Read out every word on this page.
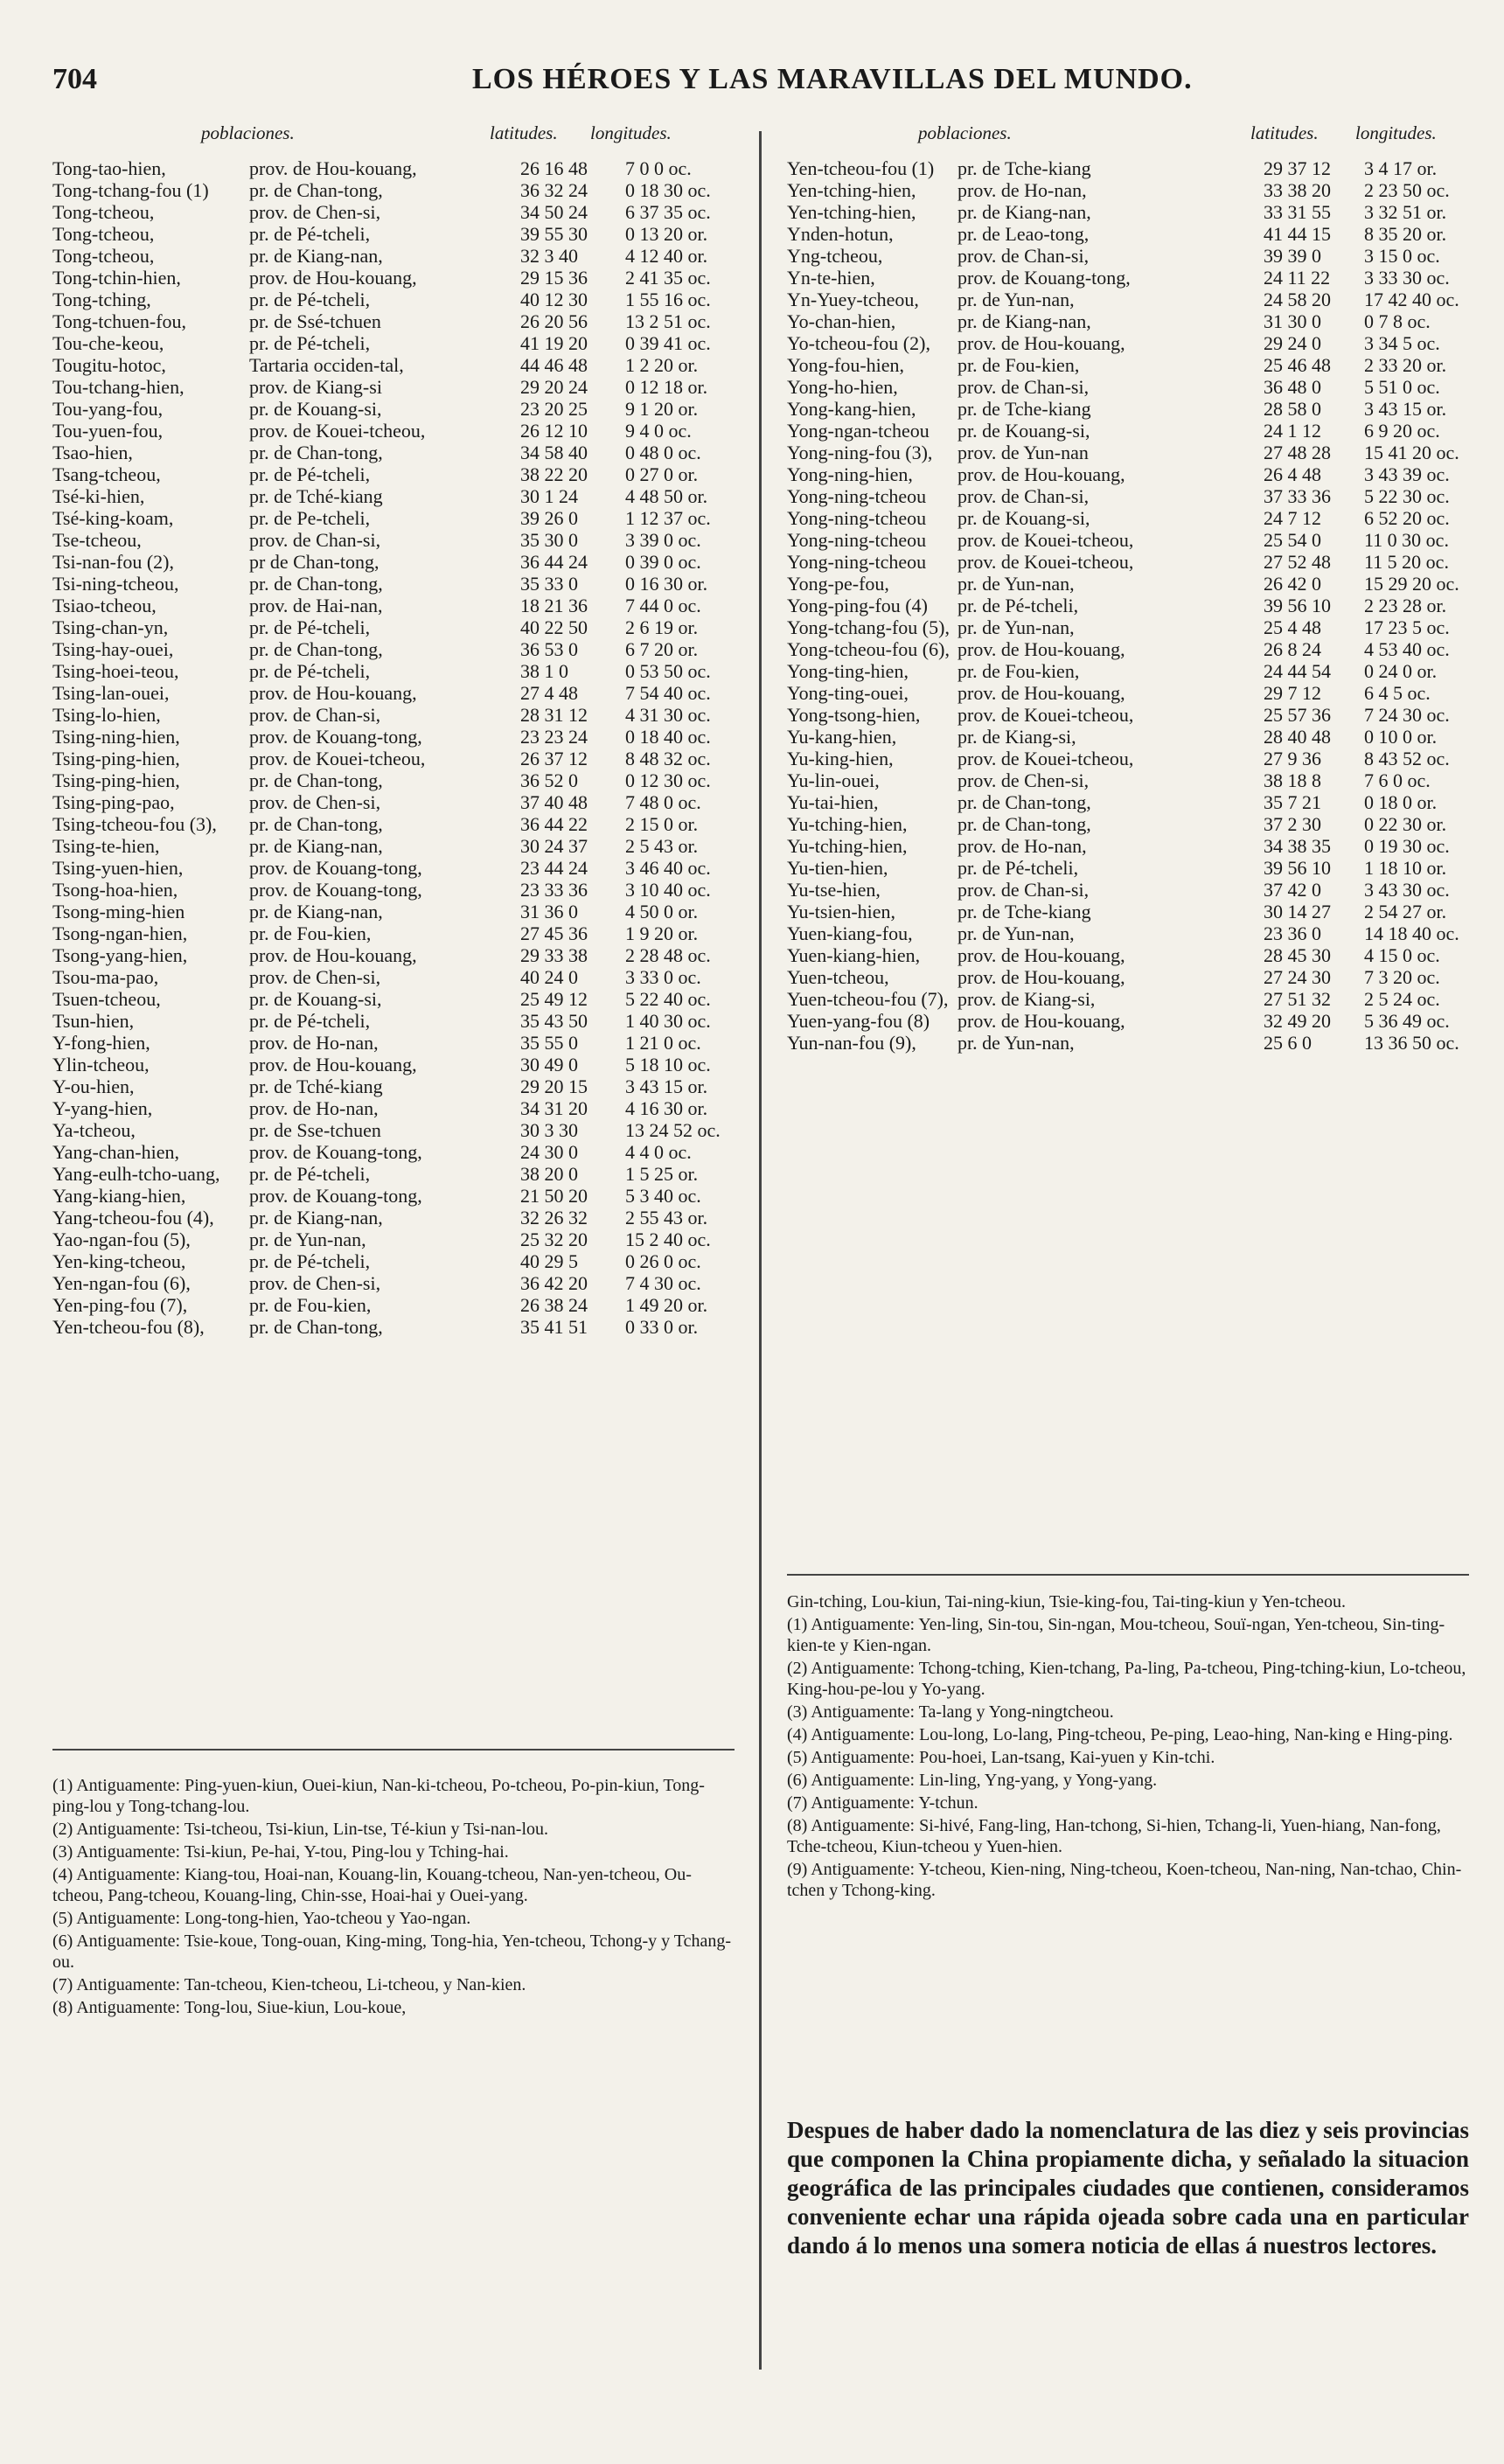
704	LOS HÉROES Y LAS MARAVILLAS DEL MUNDO.
poblaciones.	latitudes. longitudes.
Tong-tao-hien,	prov. de Hou-kouang,	26 16 48	7 0 0 oc.
Tong-tchang-fou (1)	pr. de Chan-tong,	36 32 24	0 18 30 oc.
Tong-tcheou,	prov. de Chen-si,	34 50 24	6 37 35 oc.
Tong-tcheou,	pr. de Pé-tcheli,	39 55 30	0 13 20 or.
Tong-tcheou,	pr. de Kiang-nan,	32 3 40	4 12 40 or.
Tong-tchin-hien,	prov. de Hou-kouang,	29 15 36	2 41 35 oc.
Tong-tching,	pr. de Pé-tcheli,	40 12 30	1 55 16 oc.
Tong-tchuen-fou,	pr. de Ssé-tchuen	26 20 56	13 2 51 oc.
Tou-che-keou,	pr. de Pé-tcheli,	41 19 20	0 39 41 oc.
Tougitu-hotoc,	Tartaria occiden-tal,	44 46 48	1 2 20 or.
Tou-tchang-hien,	prov. de Kiang-si	29 20 24	0 12 18 or.
Tou-yang-fou,	pr. de Kouang-si,	23 20 25	9 1 20 or.
Tou-yuen-fou,	prov. de Kouei-tcheou,	26 12 10	9 4 0 oc.
Tsao-hien,	pr. de Chan-tong,	34 58 40	0 48 0 oc.
Tsang-tcheou,	pr. de Pé-tcheli,	38 22 20	0 27 0 or.
Tsé-ki-hien,	pr. de Tché-kiang	30 1 24	4 48 50 or.
Tsé-king-koam,	pr. de Pe-tcheli,	39 26 0	1 12 37 oc.
Tse-tcheou,	prov. de Chan-si,	35 30 0	3 39 0 oc.
Tsi-nan-fou (2),	pr de Chan-tong,	36 44 24	0 39 0 oc.
Tsi-ning-tcheou,	pr. de Chan-tong,	35 33 0	0 16 30 or.
Tsiao-tcheou,	prov. de Hai-nan,	18 21 36	7 44 0 oc.
Tsing-chan-yn,	pr. de Pé-tcheli,	40 22 50	2 6 19 or.
Tsing-hay-ouei,	pr. de Chan-tong,	36 53 0	6 7 20 or.
Tsing-hoei-teou,	pr. de Pé-tcheli,	38 1 0	0 53 50 oc.
Tsing-lan-ouei,	prov. de Hou-kouang,	27 4 48	7 54 40 oc.
Tsing-lo-hien,	prov. de Chan-si,	28 31 12	4 31 30 oc.
Tsing-ning-hien,	prov. de Kouang-tong,	23 23 24	0 18 40 oc.
Tsing-ping-hien,	prov. de Kouei-tcheou,	26 37 12	8 48 32 oc.
Tsing-ping-hien,	pr. de Chan-tong,	36 52 0	0 12 30 oc.
Tsing-ping-pao,	prov. de Chen-si,	37 40 48	7 48 0 oc.
Tsing-tcheou-fou (3),	pr. de Chan-tong,	36 44 22	2 15 0 or.
Tsing-te-hien,	pr. de Kiang-nan,	30 24 37	2 5 43 or.
Tsing-yuen-hien,	prov. de Kouang-tong,	23 44 24	3 46 40 oc.
Tsong-hoa-hien,	prov. de Kouang-tong,	23 33 36	3 10 40 oc.
Tsong-ming-hien	pr. de Kiang-nan,	31 36 0	4 50 0 or.
Tsong-ngan-hien,	pr. de Fou-kien,	27 45 36	1 9 20 or.
Tsong-yang-hien,	prov. de Hou-kouang,	29 33 38	2 28 48 oc.
Tsou-ma-pao,	prov. de Chen-si,	40 24 0	3 33 0 oc.
Tsuen-tcheou,	pr. de Kouang-si,	25 49 12	5 22 40 oc.
Tsun-hien,	pr. de Pé-tcheli,	35 43 50	1 40 30 oc.
Y-fong-hien,	prov. de Ho-nan,	35 55 0	1 21 0 oc.
Ylin-tcheou,	prov. de Hou-kouang,	30 49 0	5 18 10 oc.
Y-ou-hien,	pr. de Tché-kiang	29 20 15	3 43 15 or.
Y-yang-hien,	prov. de Ho-nan,	34 31 20	4 16 30 or.
Ya-tcheou,	pr. de Sse-tchuen	30 3 30	13 24 52 oc.
Yang-chan-hien,	prov. de Kouang-tong,	24 30 0	4 4 0 oc.
Yang-eulh-tcho-uang,	pr. de Pé-tcheli,	38 20 0	1 5 25 or.
Yang-kiang-hien,	prov. de Kouang-tong,	21 50 20	5 3 40 oc.
Yang-tcheou-fou (4),	pr. de Kiang-nan,	32 26 32	2 55 43 or.
Yao-ngan-fou (5),	pr. de Yun-nan,	25 32 20	15 2 40 oc.
Yen-king-tcheou,	pr. de Pé-tcheli,	40 29 5	0 26 0 oc.
Yen-ngan-fou (6),	prov. de Chen-si,	36 42 20	7 4 30 oc.
Yen-ping-fou (7),	pr. de Fou-kien,	26 38 24	1 49 20 or.
Yen-tcheou-fou (8),	pr. de Chan-tong,	35 41 51	0 33 0 or.

(1) Antiguamente: Ping-yuen-kiun, Ouei-kiun, Nan-ki-tcheou, Po-tcheou, Po-pin-kiun, Tong-ping-lou y Tong-tchang-lou.

(2) Antiguamente: Tsi-tcheou, Tsi-kiun, Lin-tse, Té-kiun y Tsi-nan-lou.

(3) Antiguamente: Tsi-kiun, Pe-hai, Y-tou, Ping-lou y Tching-hai.

(4) Antiguamente: Kiang-tou, Hoai-nan, Kouang-lin, Kouang-tcheou, Nan-yen-tcheou, Ou-tcheou, Pang-tcheou, Kouang-ling, Chin-sse, Hoai-hai y Ouei-yang.

(5) Antiguamente: Long-tong-hien, Yao-tcheou y Yao-ngan.

(6) Antiguamente: Tsie-koue, Tong-ouan, King-ming, Tong-hia, Yen-tcheou, Tchong-y y Tchang-ou.

(7) Antiguamente: Tan-tcheou, Kien-tcheou, Li-tcheou, y Nan-kien.

(8) Antiguamente: Tong-lou, Siue-kiun, Lou-koue,

poblaciones.	latitudes. longitudes.
Yen-tcheou-fou (1)	pr. de Tche-kiang	29 37 12	3 4 17 or.
Yen-tching-hien,	prov. de Ho-nan,	33 38 20	2 23 50 oc.
Yen-tching-hien,	pr. de Kiang-nan,	33 31 55	3 32 51 or.
Ynden-hotun,	pr. de Leao-tong,	41 44 15	8 35 20 or.
Yng-tcheou,	prov. de Chan-si,	39 39 0	3 15 0 oc.
Yn-te-hien,	prov. de Kouang-tong,	24 11 22	3 33 30 oc.
Yn-Yuey-tcheou,	pr. de Yun-nan,	24 58 20	17 42 40 oc.
Yo-chan-hien,	pr. de Kiang-nan,	31 30 0	0 7 8 oc.
Yo-tcheou-fou (2),	prov. de Hou-kouang,	29 24 0	3 34 5 oc.
Yong-fou-hien,	pr. de Fou-kien,	25 46 48	2 33 20 or.
Yong-ho-hien,	prov. de Chan-si,	36 48 0	5 51 0 oc.
Yong-kang-hien,	pr. de Tche-kiang	28 58 0	3 43 15 or.
Yong-ngan-tcheou	pr. de Kouang-si,	24 1 12	6 9 20 oc.
Yong-ning-fou (3),	prov. de Yun-nan	27 48 28	15 41 20 oc.
Yong-ning-hien,	prov. de Hou-kouang,	26 4 48	3 43 39 oc.
Yong-ning-tcheou	prov. de Chan-si,	37 33 36	5 22 30 oc.
Yong-ning-tcheou	pr. de Kouang-si,	24 7 12	6 52 20 oc.
Yong-ning-tcheou	prov. de Kouei-tcheou,	25 54 0	11 0 30 oc.
Yong-ning-tcheou	prov. de Kouei-tcheou,	27 52 48	11 5 20 oc.
Yong-pe-fou,	pr. de Yun-nan,	26 42 0	15 29 20 oc.
Yong-ping-fou (4)	pr. de Pé-tcheli,	39 56 10	2 23 28 or.
Yong-tchang-fou (5), pr. de Yun-nan,	25 4 48	17 23 5 oc.
Yong-tcheou-fou (6), prov. de Hou-kouang,	26 8 24	4 53 40 oc.
Yong-ting-hien,	pr. de Fou-kien,	24 44 54	0 24 0 or.
Yong-ting-ouei,	prov. de Hou-kouang,	29 7 12	6 4 5 oc.
Yong-tsong-hien,	prov. de Kouei-tcheou,	25 57 36	7 24 30 oc.
Yu-kang-hien,	pr. de Kiang-si,	28 40 48	0 10 0 or.
Yu-king-hien,	prov. de Kouei-tcheou,	27 9 36	8 43 52 oc.
Yu-lin-ouei,	prov. de Chen-si,	38 18 8	7 6 0 oc.
Yu-tai-hien,	pr. de Chan-tong,	35 7 21	0 18 0 or.
Yu-tching-hien,	pr. de Chan-tong,	37 2 30	0 22 30 or.
Yu-tching-hien,	prov. de Ho-nan,	34 38 35	0 19 30 oc.
Yu-tien-hien,	pr. de Pé-tcheli,	39 56 10	1 18 10 or.
Yu-tse-hien,	prov. de Chan-si,	37 42 0	3 43 30 oc.
Yu-tsien-hien,	pr. de Tche-kiang	30 14 27	2 54 27 or.
Yuen-kiang-fou,	pr. de Yun-nan,	23 36 0	14 18 40 oc.
Yuen-kiang-hien,	prov. de Hou-kouang,	28 45 30	4 15 0 oc.
Yuen-tcheou,	prov. de Hou-kouang,	27 24 30	7 3 20 oc.
Yuen-tcheou-fou (7), prov. de Kiang-si,	27 51 32	2 5 24 oc.
Yuen-yang-fou (8)	prov. de Hou-kouang,	32 49 20	5 36 49 oc.
Yun-nan-fou (9),	pr. de Yun-nan,	25 6 0	13 36 50 oc.

Gin-tching, Lou-kiun, Tai-ning-kiun, Tsie-king-fou, Tai-ting-kiun y Yen-tcheou.

(1) Antiguamente: Yen-ling, Sin-tou, Sin-ngan, Mou-tcheou, Souï-ngan, Yen-tcheou, Sin-ting-kien-te y Kien-ngan.

(2) Antiguamente: Tchong-tching, Kien-tchang, Pa-ling, Pa-tcheou, Ping-tching-kiun, Lo-tcheou, King-hou-pe-lou y Yo-yang.

(3) Antiguamente: Ta-lang y Yong-ningtcheou.

(4) Antiguamente: Lou-long, Lo-lang, Ping-tcheou, Pe-ping, Leao-hing, Nan-king e Hing-ping.

(5) Antiguamente: Pou-hoei, Lan-tsang, Kai-yuen y Kin-tchi.

(6) Antiguamente: Lin-ling, Yng-yang, y Yong-yang.

(7) Antiguamente: Y-tchun.

(8) Antiguamente: Si-hivé, Fang-ling, Han-tchong, Si-hien, Tchang-li, Yuen-hiang, Nan-fong, Tche-tcheou, Kiun-tcheou y Yuen-hien.

(9) Antiguamente: Y-tcheou, Kien-ning, Ning-tcheou, Koen-tcheou, Nan-ning, Nan-tchao, Chin-tchen y Tchong-king.

Despues de haber dado la nomenclatura de las diez y seis provincias que componen la China propiamente dicha, y señalado la situacion geográfica de las principales ciudades que contienen, consideramos conveniente echar una rápida ojeada sobre cada una en particular dando á lo menos una somera noticia de ellas á nuestros lectores.
